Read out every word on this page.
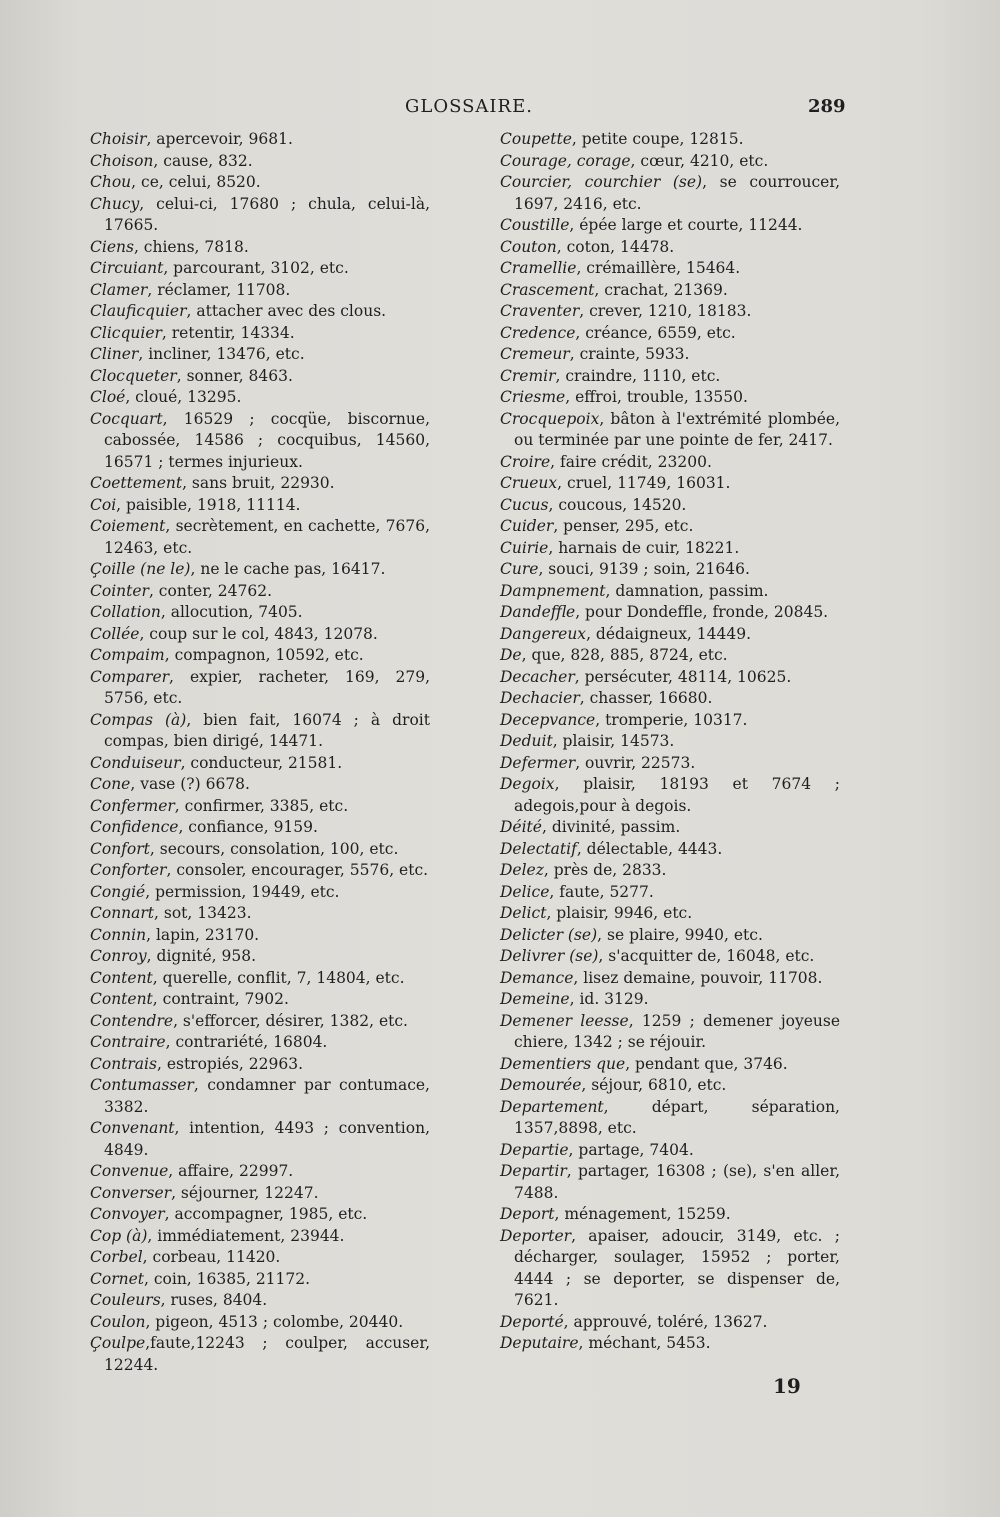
GLOSSAIRE.	289
Choisir, apercevoir, 9681.
Choison, cause, 832.
Chou, ce, celui, 8520.
Chucy, celui-ci, 17680 ; chula, celui-là, 17665.
Ciens, chiens, 7818.
Circuiant, parcourant, 3102, etc.
Clamer, réclamer, 11708.
Clauficquier, attacher avec des clous.
Clicquier, retentir, 14334.
Cliner, incliner, 13476, etc.
Clocqueter, sonner, 8463.
Cloé, cloué, 13295.
Cocquart, 16529 ; cocqüe, biscornue, cabossée, 14586 ; cocquibus, 14560, 16571 ; termes injurieux.
Coettement, sans bruit, 22930.
Coi, paisible, 1918, 11114.
Coiement, secrètement, en cachette, 7676, 12463, etc.
Çoille (ne le), ne le cache pas, 16417.
Cointer, conter, 24762.
Collation, allocution, 7405.
Collée, coup sur le col, 4843, 12078.
Compaim, compagnon, 10592, etc.
Comparer, expier, racheter, 169, 279, 5756, etc.
Compas (à), bien fait, 16074 ; à droit compas, bien dirigé, 14471.
Conduiseur, conducteur, 21581.
Cone, vase (?) 6678.
Confermer, confirmer, 3385, etc.
Confidence, confiance, 9159.
Confort, secours, consolation, 100, etc.
Conforter, consoler, encourager, 5576, etc.
Congié, permission, 19449, etc.
Connart, sot, 13423.
Connin, lapin, 23170.
Conroy, dignité, 958.
Content, querelle, conflit, 7, 14804, etc.
Content, contraint, 7902.
Contendre, s'efforcer, désirer, 1382, etc.
Contraire, contrariété, 16804.
Contrais, estropiés, 22963.
Contumasser, condamner par contumace, 3382.
Convenant, intention, 4493 ; convention, 4849.
Convenue, affaire, 22997.
Converser, séjourner, 12247.
Convoyer, accompagner, 1985, etc.
Cop (à), immédiatement, 23944.
Corbel, corbeau, 11420.
Cornet, coin, 16385, 21172.
Couleurs, ruses, 8404.
Coulon, pigeon, 4513 ; colombe, 20440.
Çoulpe,faute,12243 ; coulper, accuser, 12244.
Coupette, petite coupe, 12815.
Courage, corage, cœur, 4210, etc.
Courcier, courchier (se), se courroucer, 1697, 2416, etc.
Coustille, épée large et courte, 11244.
Couton, coton, 14478.
Cramellie, crémaillère, 15464.
Crascement, crachat, 21369.
Craventer, crever, 1210, 18183.
Credence, créance, 6559, etc.
Cremeur, crainte, 5933.
Cremir, craindre, 1110, etc.
Criesme, effroi, trouble, 13550.
Crocquepoix, bâton à l'extrémité plombée, ou terminée par une pointe de fer, 2417.
Croire, faire crédit, 23200.
Crueux, cruel, 11749, 16031.
Cucus, coucous, 14520.
Cuider, penser, 295, etc.
Cuirie, harnais de cuir, 18221.
Cure, souci, 9139 ; soin, 21646.
Dampnement, damnation, passim.
Dandeffle, pour Dondeffle, fronde, 20845.
Dangereux, dédaigneux, 14449.
De, que, 828, 885, 8724, etc.
Decacher, persécuter, 48114, 10625.
Dechacier, chasser, 16680.
Decepvance, tromperie, 10317.
Deduit, plaisir, 14573.
Defermer, ouvrir, 22573.
Degoix, plaisir, 18193 et 7674 ; adegois,pour à degois.
Déité, divinité, passim.
Delectatif, délectable, 4443.
Delez, près de, 2833.
Delice, faute, 5277.
Delict, plaisir, 9946, etc.
Delicter (se), se plaire, 9940, etc.
Delivrer (se), s'acquitter de, 16048, etc.
Demance, lisez demaine, pouvoir, 11708.
Demeine, id. 3129.
Demener leesse, 1259 ; demener joyeuse chiere, 1342 ; se réjouir.
Dementiers que, pendant que, 3746.
Demourée, séjour, 6810, etc.
Departement, départ, séparation, 1357,8898, etc.
Departie, partage, 7404.
Departir, partager, 16308 ; (se), s'en aller, 7488.
Deport, ménagement, 15259.
Deporter, apaiser, adoucir, 3149, etc. ; décharger, soulager, 15952 ; porter, 4444 ; se deporter, se dispenser de, 7621.
Deporté, approuvé, toléré, 13627.
Deputaire, méchant, 5453.
19
